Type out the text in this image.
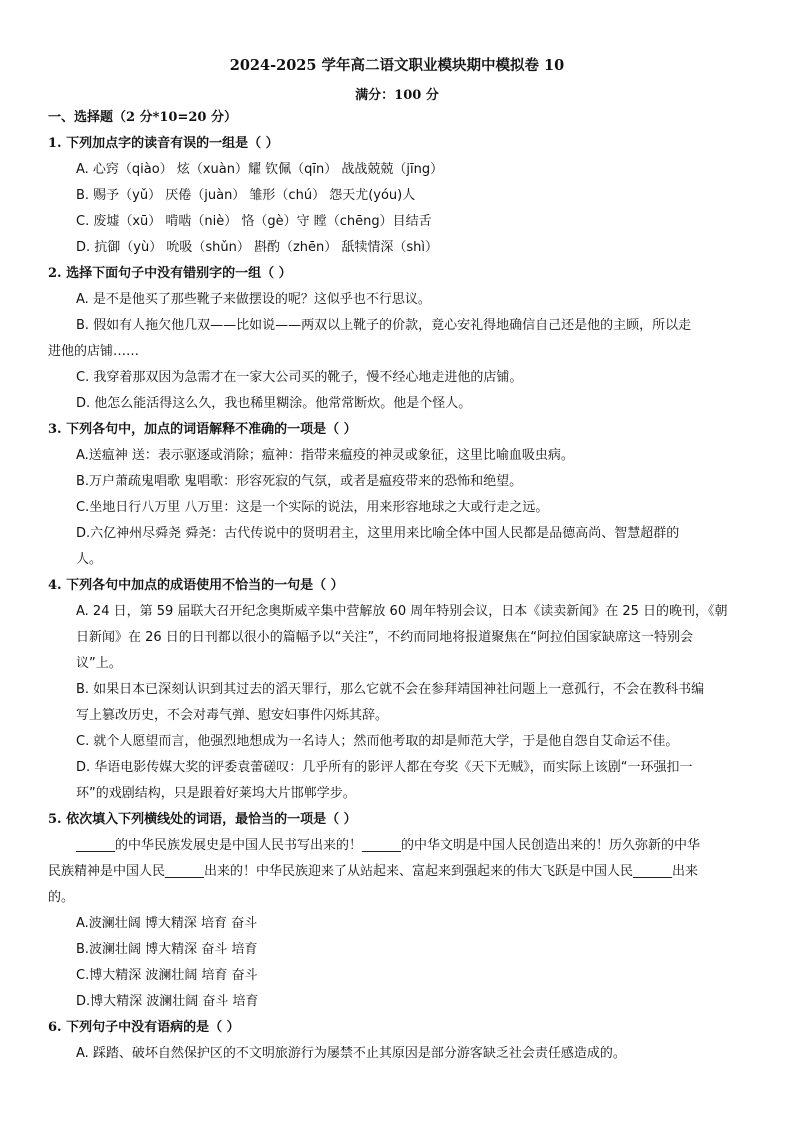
2024-2025 学年高二语文职业模块期中模拟卷 10
满分：100 分
一、选择题（2 分*10=20 分）
1. 下列加点字的读音有误的一组是（ ）
A. 心窍（qiào） 炫（xuàn）耀 钦佩（qīn） 战战兢兢（jīng）
B. 赐予（yǔ） 厌倦（juàn） 雏形（chú） 怨天尤(yóu)人
C. 废墟（xū） 啃啮（niè） 恪（gè）守 瞠（chēng）目结舌
D. 抗御（yù） 吮吸（shǔn） 斟酌（zhēn） 舐犊情深（shì）
2. 选择下面句子中没有错别字的一组（ ）
A. 是不是他买了那些靴子来做摆设的呢？这似乎也不行思议。
B. 假如有人拖欠他几双——比如说——两双以上靴子的价款，竟心安礼得地确信自己还是他的主顾，所以走
进他的店铺……
C. 我穿着那双因为急需才在一家大公司买的靴子，慢不经心地走进他的店铺。
D. 他怎么能活得这么久，我也稀里糊涂。他常常断炊。他是个怪人。
3. 下列各句中，加点的词语解释不准确的一项是（ ）
A.送瘟神 送：表示驱逐或消除；瘟神：指带来瘟疫的神灵或象征，这里比喻血吸虫病。
B.万户萧疏鬼唱歌 鬼唱歌：形容死寂的气氛，或者是瘟疫带来的恐怖和绝望。
C.坐地日行八万里 八万里：这是一个实际的说法，用来形容地球之大或行走之远。
D.六亿神州尽舜尧 舜尧：古代传说中的贤明君主，这里用来比喻全体中国人民都是品德高尚、智慧超群的
人。
4. 下列各句中加点的成语使用不恰当的一句是（ ）
A. 24 日，第 59 届联大召开纪念奥斯威辛集中营解放 60 周年特别会议，日本《读卖新闻》在 25 日的晚刊，《朝
日新闻》在 26 日的日刊都以很小的篇幅予以“关注”，不约而同地将报道聚焦在“阿拉伯国家缺席这一特别会
议”上。
B. 如果日本已深刻认识到其过去的滔天罪行，那么它就不会在参拜靖国神社问题上一意孤行，不会在教科书编
写上篡改历史，不会对毒气弹、慰安妇事件闪烁其辞。
C. 就个人愿望而言，他强烈地想成为一名诗人；然而他考取的却是师范大学，于是他自怨自艾命运不佳。
D. 华语电影传媒大奖的评委袁蕾磋叹：几乎所有的影评人都在夸奖《天下无贼》，而实际上该剧“一环强扣一
环”的戏剧结构，只是跟着好莱坞大片邯郸学步。
5. 依次填入下列横线处的词语，最恰当的一项是（ ）
______的中华民族发展史是中国人民书写出来的！______的中华文明是中国人民创造出来的！历久弥新的中华
民族精神是中国人民______出来的！中华民族迎来了从站起来、富起来到强起来的伟大飞跃是中国人民______出来
的。
A.波澜壮阔 博大精深 培育 奋斗
B.波澜壮阔 博大精深 奋斗 培育
C.博大精深 波澜壮阔 培育 奋斗
D.博大精深 波澜壮阔 奋斗 培育
6. 下列句子中没有语病的是（ ）
A. 踩踏、破坏自然保护区的不文明旅游行为屡禁不止其原因是部分游客缺乏社会责任感造成的。
